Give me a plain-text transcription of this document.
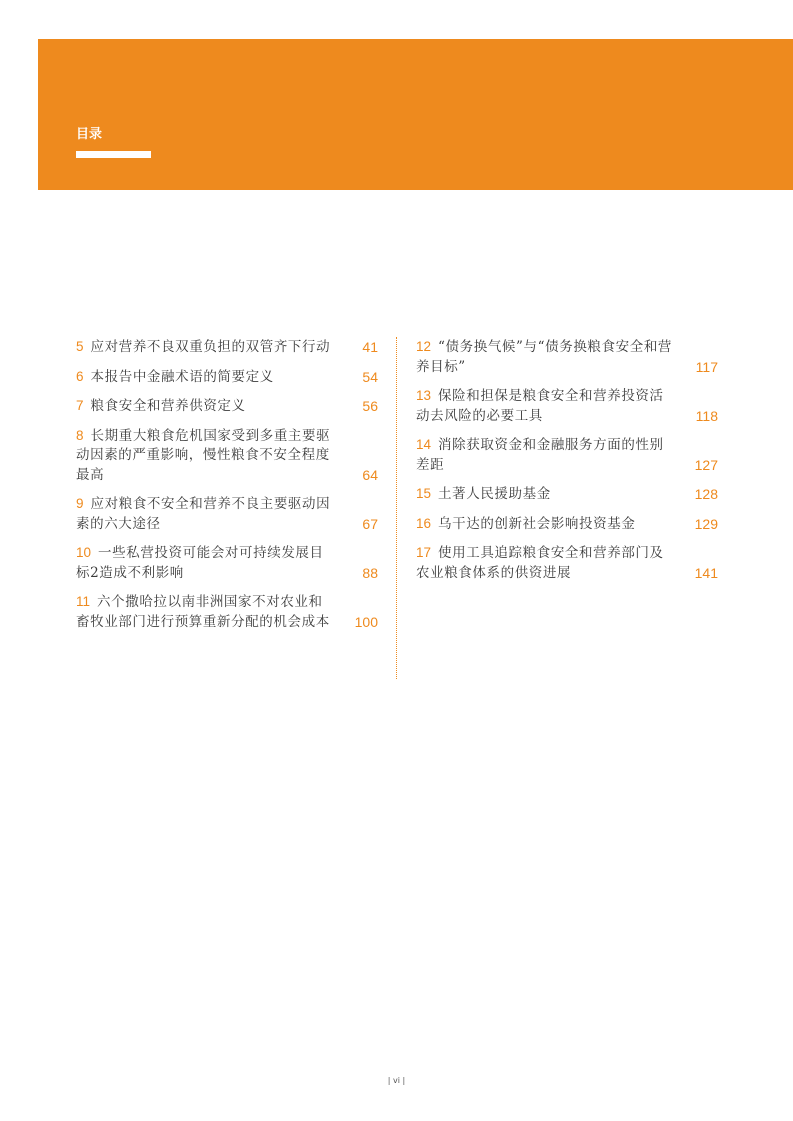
目录
5 应对营养不良双重负担的双管齐下行动 41
6 本报告中金融术语的简要定义	54
7 粮食安全和营养供资定义	56
8 长期重大粮食危机国家受到多重主要驱动因素的严重影响，慢性粮食不安全程度最高	64
9 应对粮食不安全和营养不良主要驱动因素的六大途径	67
10 一些私营投资可能会对可持续发展目标2造成不利影响	88
11 六个撒哈拉以南非洲国家不对农业和畜牧业部门进行预算重新分配的机会成本 100
12 “债务换气候”与“债务换粮食安全和营养目标”	117
13 保险和担保是粮食安全和营养投资活动去风险的必要工具	118
14 消除获取资金和金融服务方面的性别差距	127
15 土著人民援助基金	128
16 乌干达的创新社会影响投资基金	129
17 使用工具追踪粮食安全和营养部门及农业粮食体系的供资进展	141
| vi |
